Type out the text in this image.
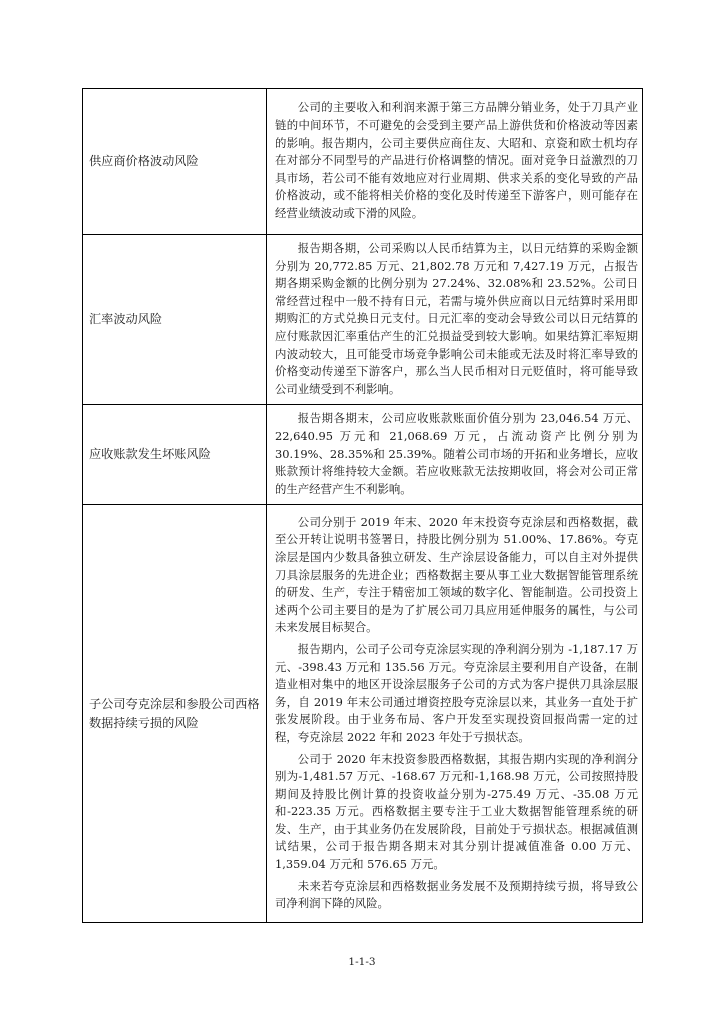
供应商价格波动风险	公司的主要收入和利润来源于第三方品牌分销业务，处于刀具产业链的中间环节，不可避免的会受到主要产品上游供货和价格波动等因素的影响。报告期内，公司主要供应商住友、大昭和、京瓷和欧士机均存在对部分不同型号的产品进行价格调整的情况。面对竞争日益激烈的刀具市场，若公司不能有效地应对行业周期、供求关系的变化导致的产品价格波动，或不能将相关价格的变化及时传递至下游客户，则可能存在经营业绩波动或下滑的风险。

汇率波动风险	报告期各期，公司采购以人民币结算为主，以日元结算的采购金额分别为 20,772.85 万元、21,802.78 万元和 7,427.19 万元，占报告期各期采购金额的比例分别为 27.24%、32.08%和 23.52%。公司日常经营过程中一般不持有日元，若需与境外供应商以日元结算时采用即期购汇的方式兑换日元支付。日元汇率的变动会导致公司以日元结算的应付账款因汇率重估产生的汇兑损益受到较大影响。如果结算汇率短期内波动较大，且可能受市场竞争影响公司未能或无法及时将汇率导致的价格变动传递至下游客户，那么当人民币相对日元贬值时，将可能导致公司业绩受到不利影响。

应收账款发生坏账风险	报告期各期末，公司应收账款账面价值分别为 23,046.54 万元、22,640.95 万元和 21,068.69 万元，占流动资产比例分别为 30.19%、28.35%和 25.39%。随着公司市场的开拓和业务增长，应收账款预计将维持较大金额。若应收账款无法按期收回，将会对公司正常的生产经营产生不利影响。

子公司夸克涂层和参股公司西格数据持续亏损的风险	公司分别于 2019 年末、2020 年末投资夸克涂层和西格数据，截至公开转让说明书签署日，持股比例分别为 51.00%、17.86%。夸克涂层是国内少数具备独立研发、生产涂层设备能力，可以自主对外提供刀具涂层服务的先进企业；西格数据主要从事工业大数据智能管理系统的研发、生产，专注于精密加工领域的数字化、智能制造。公司投资上述两个公司主要目的是为了扩展公司刀具应用延伸服务的属性，与公司未来发展目标契合。

报告期内，公司子公司夸克涂层实现的净利润分别为 -1,187.17 万元、-398.43 万元和 135.56 万元。夸克涂层主要利用自产设备，在制造业相对集中的地区开设涂层服务子公司的方式为客户提供刀具涂层服务，自 2019 年末公司通过增资控股夸克涂层以来，其业务一直处于扩张发展阶段。由于业务布局、客户开发至实现投资回报尚需一定的过程，夸克涂层 2022 年和 2023 年处于亏损状态。

公司于 2020 年末投资参股西格数据，其报告期内实现的净利润分别为-1,481.57 万元、-168.67 万元和-1,168.98 万元，公司按照持股期间及持股比例计算的投资收益分别为-275.49 万元、-35.08 万元和-223.35 万元。西格数据主要专注于工业大数据智能管理系统的研发、生产，由于其业务仍在发展阶段，目前处于亏损状态。根据减值测试结果，公司于报告期各期末对其分别计提减值准备 0.00 万元、1,359.04 万元和 576.65 万元。

未来若夸克涂层和西格数据业务发展不及预期持续亏损，将导致公司净利润下降的风险。

1-1-3
